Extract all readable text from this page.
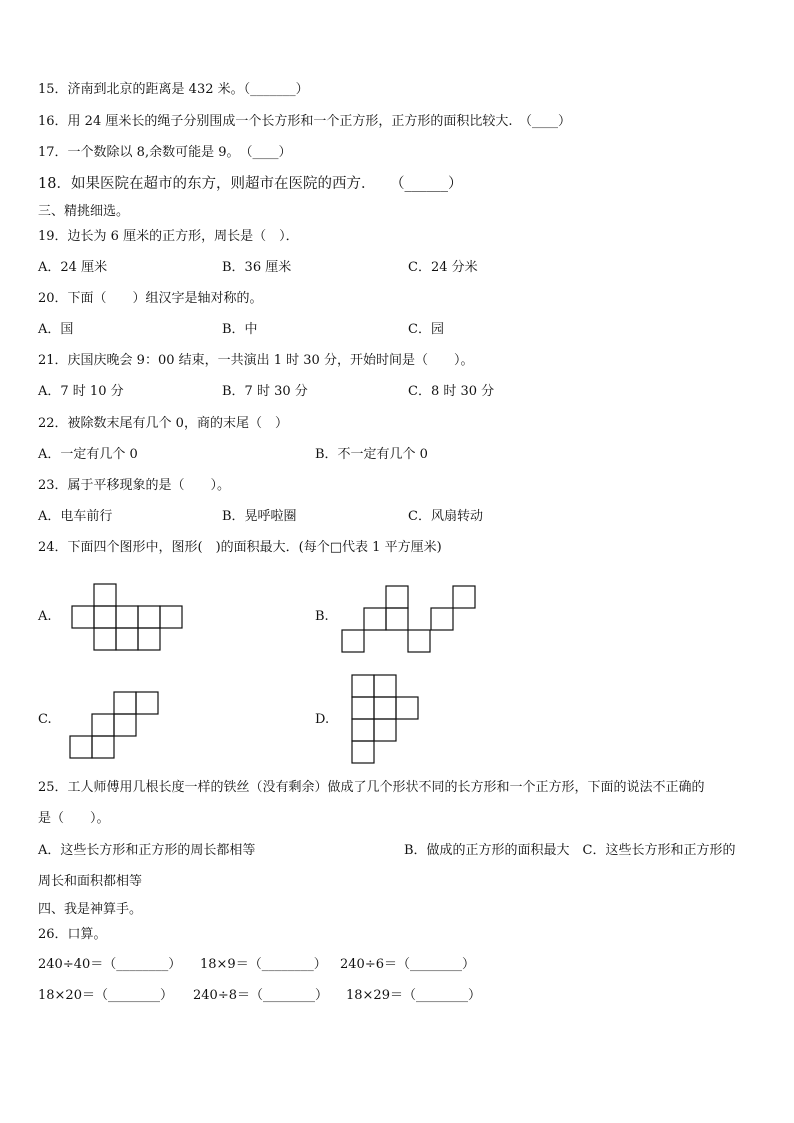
15．济南到北京的距离是 432 米。（_______）
16．用 24 厘米长的绳子分别围成一个长方形和一个正方形，正方形的面积比较大.　（____）
17．一个数除以 8,余数可能是 9。　（____）
18．如果医院在超市的东方，则超市在医院的西方．　　（______）
三、精挑细选。
19．边长为 6 厘米的正方形，周长是（　）．
A．24 厘米	B．36 厘米	C．24 分米
20．下面（　　）组汉字是轴对称的。
A．国	B．中	C．园
21．庆国庆晚会 9：00 结束，一共演出 1 时 30 分，开始时间是（　　）。
A．7 时 10 分	B．7 时 30 分	C．8 时 30 分
22．被除数末尾有几个 0，商的末尾（　）
A．一定有几个 0	B．不一定有几个 0
23．属于平移现象的是（　　）。
A．电车前行	B．晃呼啦圈	C．风扇转动
24．下面四个图形中，图形(　)的面积最大．(每个□代表 1 平方厘米)
A.	B.
C.	D.
25．工人师傅用几根长度一样的铁丝（没有剩余）做成了几个形状不同的长方形和一个正方形，下面的说法不正确的
是（　　）。
A．这些长方形和正方形的周长都相等	B．做成的正方形的面积最大　C．这些长方形和正方形的
周长和面积都相等
四、我是神算手。
26．口算。
240÷40＝（________） 18×9＝（________） 240÷6＝（________）
18×20＝（________） 240÷8＝（________） 18×29＝（________）
